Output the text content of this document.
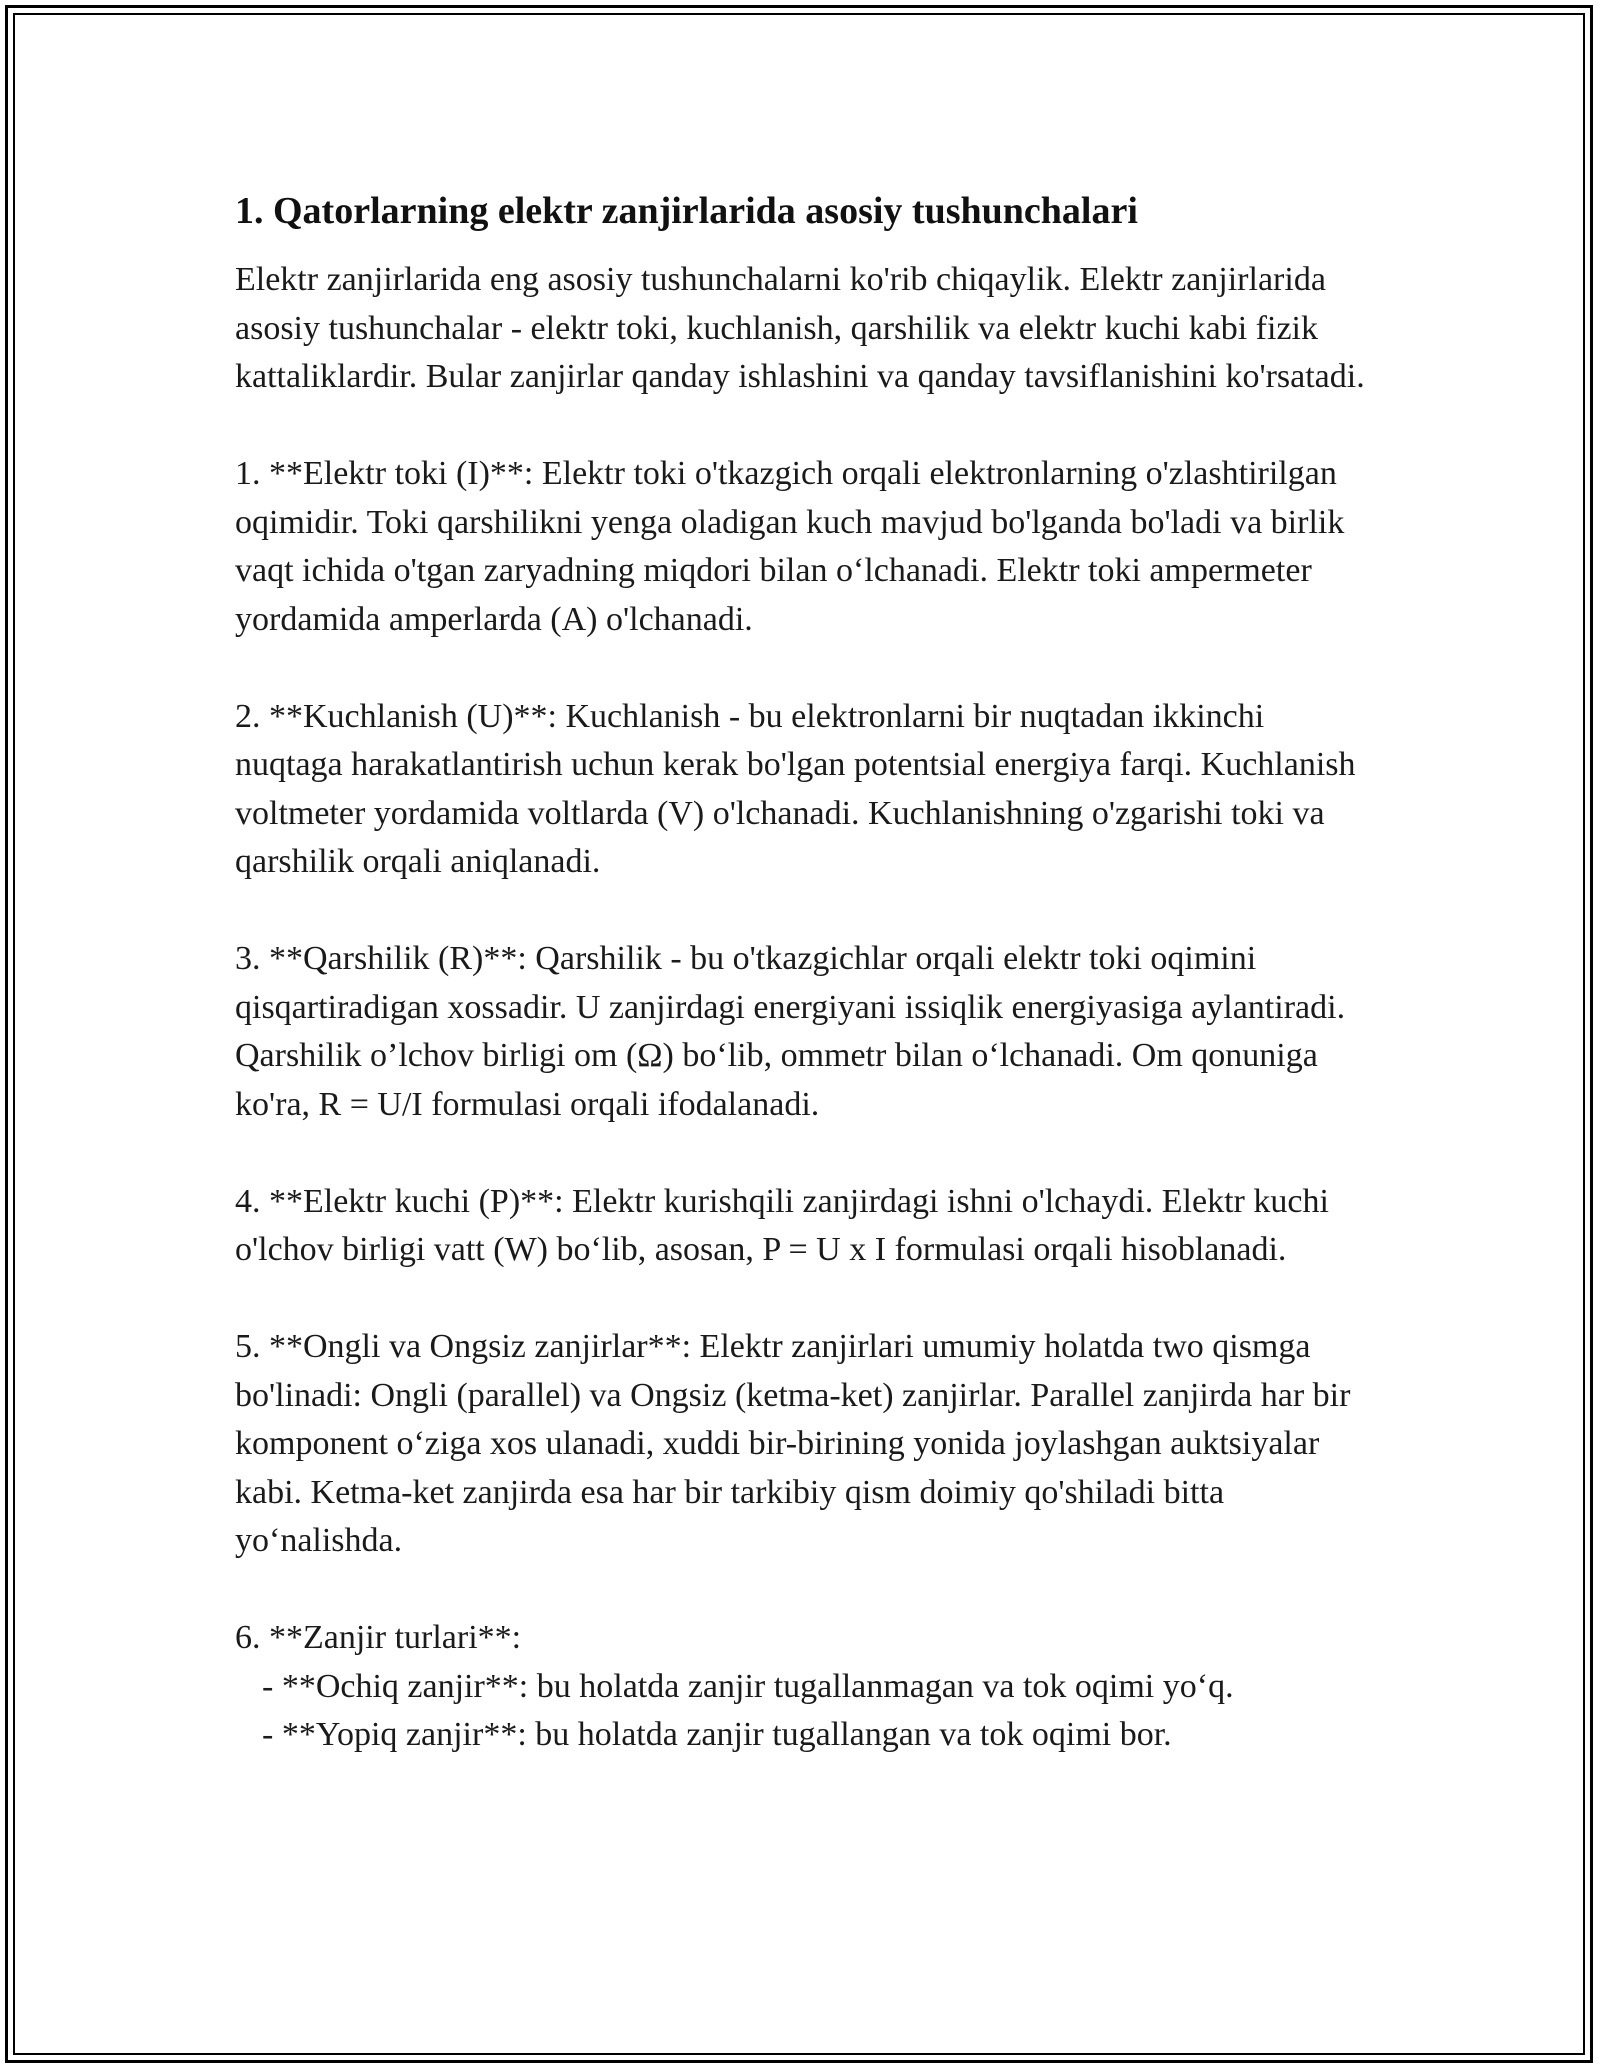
1. Qatorlarning elektr zanjirlarida asosiy tushunchalari

Elektr zanjirlarida eng asosiy tushunchalarni ko'rib chiqaylik. Elektr zanjirlarida asosiy tushunchalar - elektr toki, kuchlanish, qarshilik va elektr kuchi kabi fizik kattaliklardir. Bular zanjirlar qanday ishlashini va qanday tavsiflanishini ko'rsatadi.

1. **Elektr toki (I)**: Elektr toki o'tkazgich orqali elektronlarning o'zlashtirilgan oqimidir. Toki qarshilikni yenga oladigan kuch mavjud bo'lganda bo'ladi va birlik vaqt ichida o'tgan zaryadning miqdori bilan o‘lchanadi. Elektr toki ampermeter yordamida amperlarda (A) o'lchanadi.

2. **Kuchlanish (U)**: Kuchlanish - bu elektronlarni bir nuqtadan ikkinchi nuqtaga harakatlantirish uchun kerak bo'lgan potentsial energiya farqi. Kuchlanish voltmeter yordamida voltlarda (V) o'lchanadi. Kuchlanishning o'zgarishi toki va qarshilik orqali aniqlanadi.

3. **Qarshilik (R)**: Qarshilik - bu o'tkazgichlar orqali elektr toki oqimini qisqartiradigan xossadir. U zanjirdagi energiyani issiqlik energiyasiga aylantiradi. Qarshilik o’lchov birligi om (Ω) bo‘lib, ommetr bilan o‘lchanadi. Om qonuniga ko'ra, R = U/I formulasi orqali ifodalanadi.

4. **Elektr kuchi (P)**: Elektr kurishqili zanjirdagi ishni o'lchaydi. Elektr kuchi o'lchov birligi vatt (W) bo‘lib, asosan, P = U x I formulasi orqali hisoblanadi.

5. **Ongli va Ongsiz zanjirlar**: Elektr zanjirlari umumiy holatda two qismga bo'linadi: Ongli (parallel) va Ongsiz (ketma-ket) zanjirlar. Parallel zanjirda har bir komponent o‘ziga xos ulanadi, xuddi bir-birining yonida joylashgan auktsiyalar kabi. Ketma-ket zanjirda esa har bir tarkibiy qism doimiy qo'shiladi bitta yo‘nalishda.

6. **Zanjir turlari**:
- **Ochiq zanjir**: bu holatda zanjir tugallanmagan va tok oqimi yo‘q.
- **Yopiq zanjir**: bu holatda zanjir tugallangan va tok oqimi bor.
